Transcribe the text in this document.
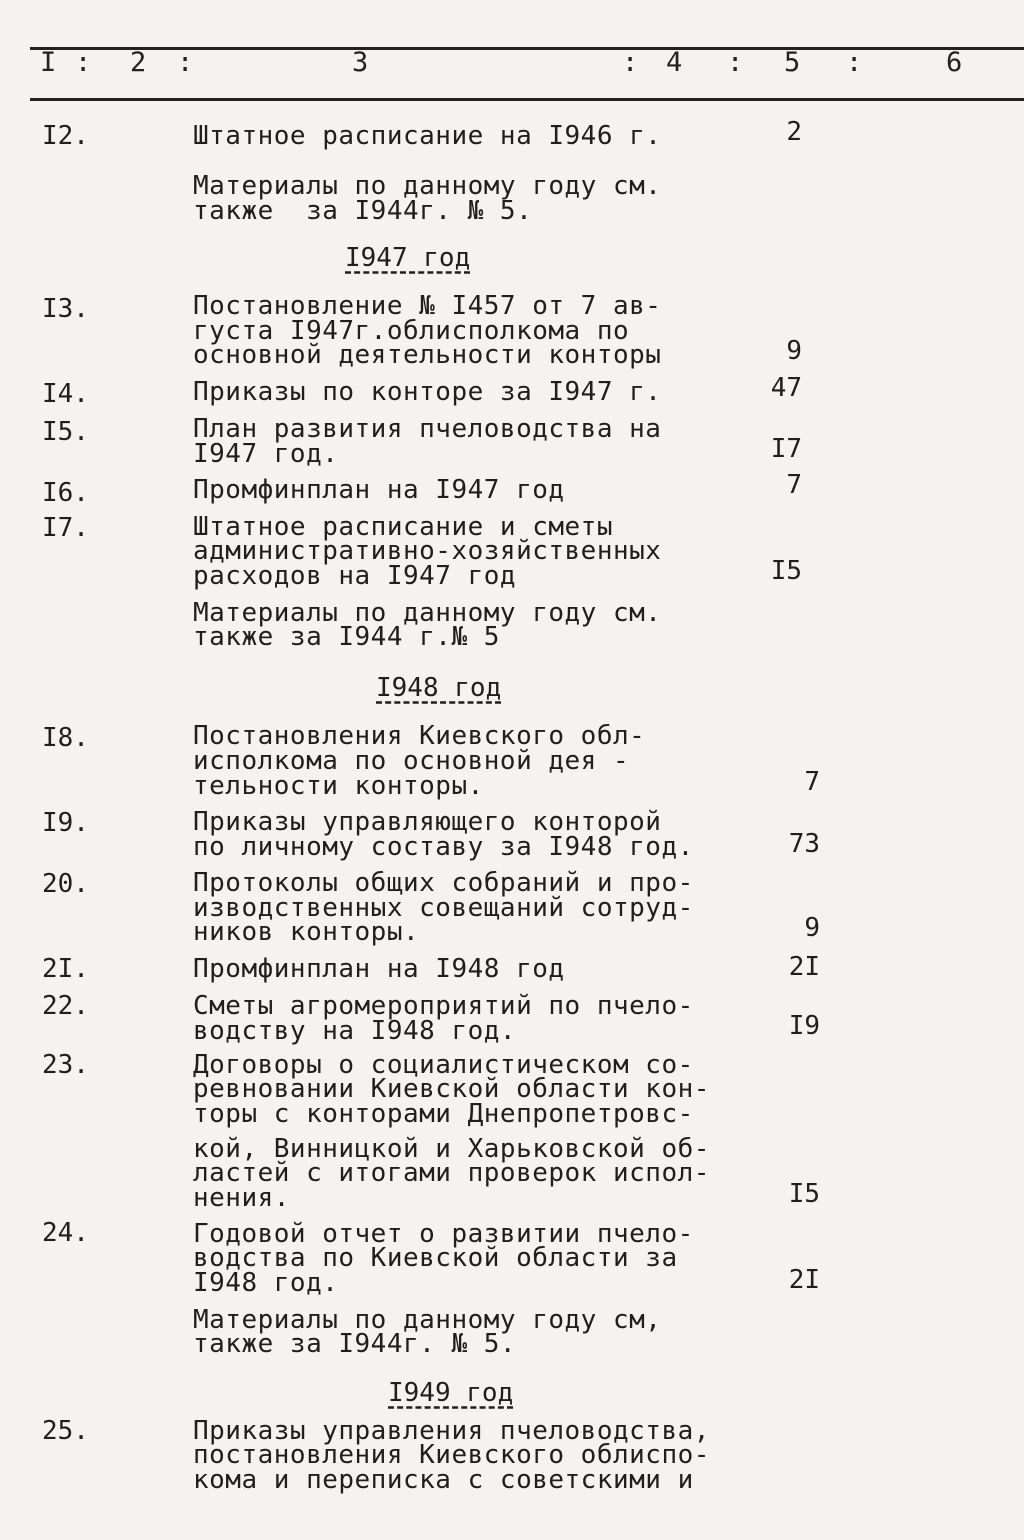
I : 2 :	3	: 4 : 5 :	6
I2.	Штатное расписание на I946 г.	2
Материалы по данному году см.
также  за I944г. № 5.
I947 год
I3.	Постановление № I457 от 7 ав-
густа I947г.облисполкома по
основной деятельности конторы	9
I4.	Приказы по конторе за I947 г.	47
I5.	План развития пчеловодства на
I947 год.	I7
I6.	Промфинплан на I947 год	7
I7.	Штатное расписание и сметы
административно-хозяйственных
расходов на I947 год	I5
Материалы по данному году см.
также за I944 г.№ 5
I948 год
I8.	Постановления Киевского обл-
исполкома по основной дея -
тельности конторы.	7
I9.	Приказы управляющего конторой
по личному составу за I948 год.	73
20.	Протоколы общих собраний и про-
изводственных совещаний сотруд-
ников конторы.	9
2I.	Промфинплан на I948 год	2I
22.	Сметы агромероприятий по пчело-
водству на I948 год.	I9
23.	Договоры о социалистическом со-
ревновании Киевской области кон-
торы с конторами Днепропетровс-
кой, Винницкой и Харьковской об-
ластей с итогами проверок испол-
нения.	I5
24.	Годовой отчет о развитии пчело-
водства по Киевской области за
I948 год.	2I
Материалы по данному году см,
также за I944г. № 5.
I949 год
25.	Приказы управления пчеловодства,
постановления Киевского облиспо-
кома и переписка с советскими и
